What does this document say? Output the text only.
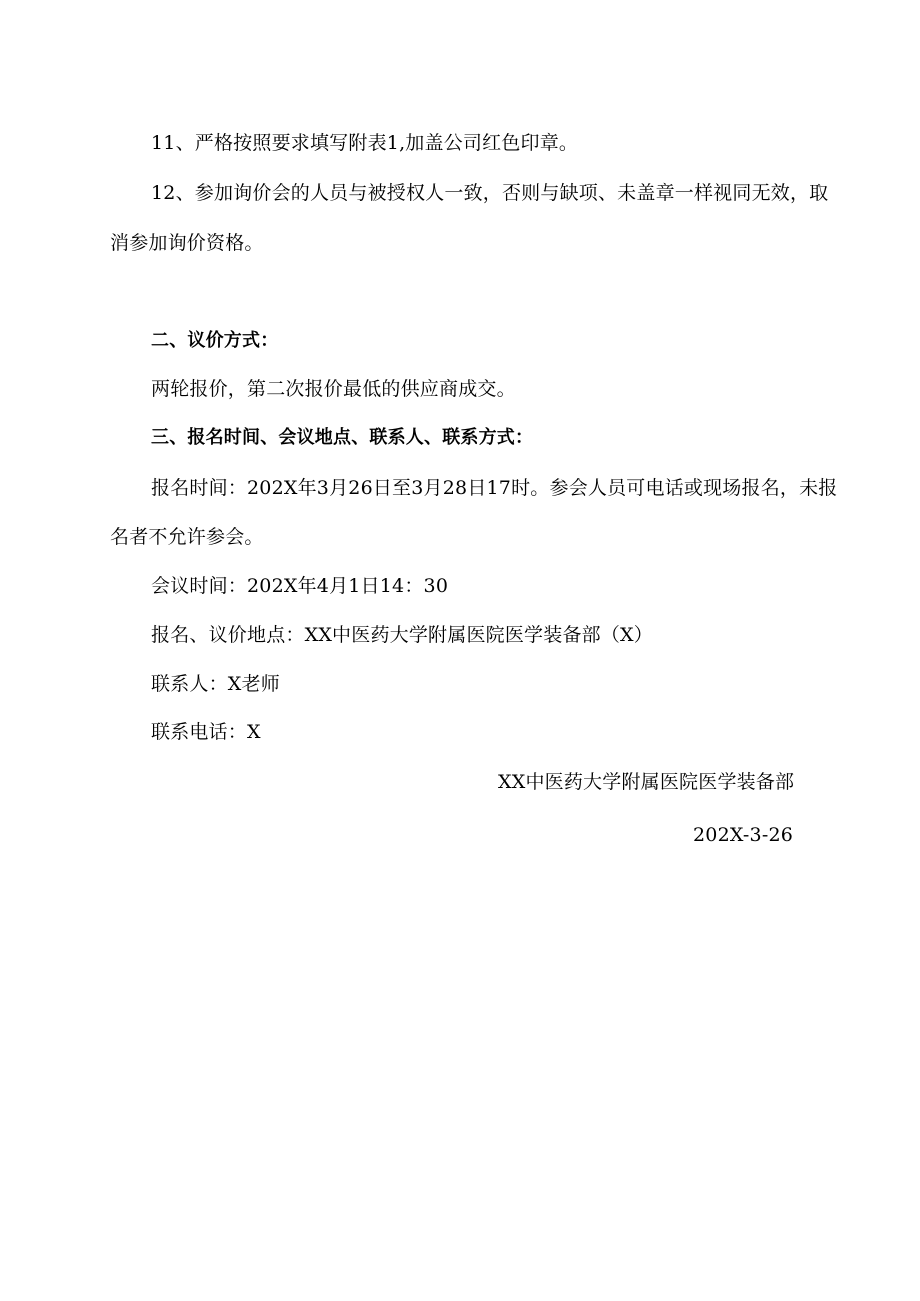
11、严格按照要求填写附表1,加盖公司红色印章。
12、参加询价会的人员与被授权人一致，否则与缺项、未盖章一样视同无效，取
消参加询价资格。
二、议价方式：
两轮报价，第二次报价最低的供应商成交。
三、报名时间、会议地点、联系人、联系方式：
报名时间：202X年3月26日至3月28日17时。参会人员可电话或现场报名，未报
名者不允许参会。
会议时间：202X年4月1日14：30
报名、议价地点：XX中医药大学附属医院医学装备部（X）
联系人：X老师
联系电话：X
XX中医药大学附属医院医学装备部
202X-3-26
